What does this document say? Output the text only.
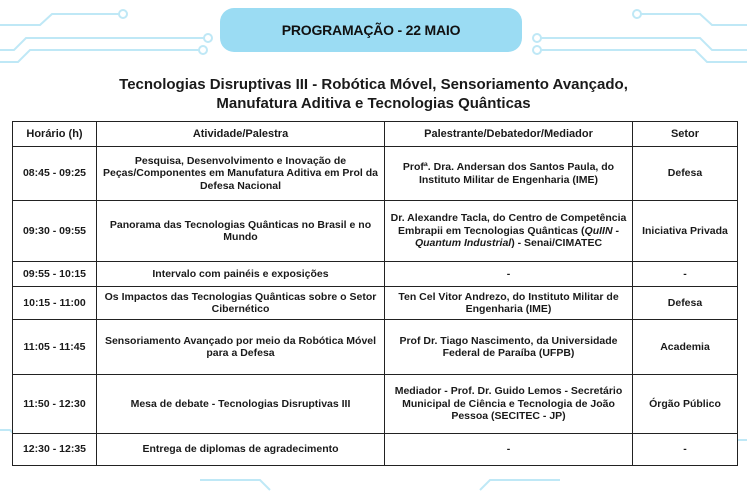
PROGRAMAÇÃO - 22 MAIO
Tecnologias Disruptivas III - Robótica Móvel, Sensoriamento Avançado,
Manufatura Aditiva e Tecnologias Quânticas
Horário (h)	Atividade/Palestra	Palestrante/Debatedor/Mediador	Setor
08:45 - 09:25	Pesquisa, Desenvolvimento e Inovação de Peças/Componentes em Manufatura Aditiva em Prol da Defesa Nacional	Profª. Dra. Andersan dos Santos Paula, do Instituto Militar de Engenharia (IME)	Defesa
09:30 - 09:55	Panorama das Tecnologias Quânticas no Brasil e no Mundo	Dr. Alexandre Tacla, do Centro de Competência Embrapii em Tecnologias Quânticas (QuIIN - Quantum Industrial) - Senai/CIMATEC	Iniciativa Privada
09:55 - 10:15	Intervalo com painéis e exposições	-	-
10:15 - 11:00	Os Impactos das Tecnologias Quânticas sobre o Setor Cibernético	Ten Cel Vitor Andrezo, do Instituto Militar de Engenharia (IME)	Defesa
11:05 - 11:45	Sensoriamento Avançado por meio da Robótica Móvel para a Defesa	Prof Dr. Tiago Nascimento, da Universidade Federal de Paraíba (UFPB)	Academia
11:50 - 12:30	Mesa de debate - Tecnologias Disruptivas III	Mediador - Prof. Dr. Guido Lemos - Secretário Municipal de Ciência e Tecnologia de João Pessoa (SECITEC - JP)	Órgão Público
12:30 - 12:35	Entrega de diplomas de agradecimento	-	-
